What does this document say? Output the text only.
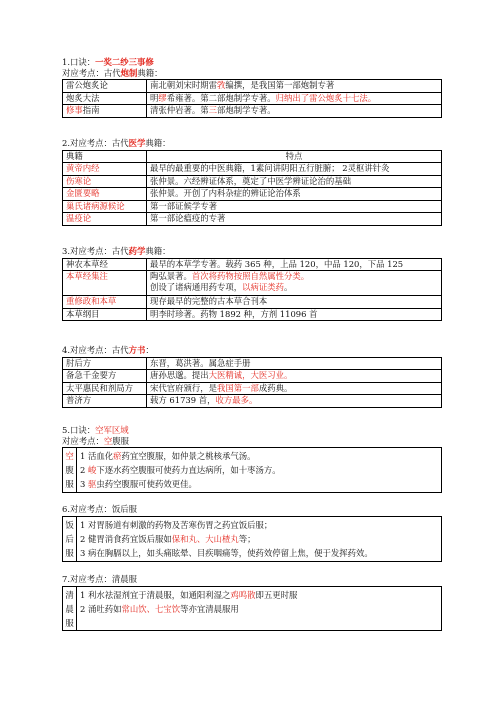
1.口诀：一奖二纱三事修

对应考点：古代炮制典籍：

雷公炮炙论	南北朝刘宋时期雷敩编撰，是我国第一部炮制专著
炮炙大法	明缪希雍著。第二部炮制学专著。归纳出了雷公炮炙十七法。
修事指南	清张仲岩著。第三部炮制学专著。

2.对应考点：古代医学典籍：

典籍	特点
黄帝内经	最早的最重要的中医典籍，1素问讲阴阳五行脏腑； 2灵枢讲针灸
伤寒论	张仲景。六经辨证体系，奠定了中医学辨证论治的基础
金匮要略	张仲景。开创了内科杂症的辨证论治体系
巢氏诸病源候论	第一部证候学专著
温疫论	第一部论瘟疫的专著

3.对应考点：古代药学典籍：

神农本草经	最早的本草学专著。载药 365 种，上品 120，中品 120，下品 125
本草经集注	陶弘景著。首次将药物按照自然属性分类。
创设了诸病通用药专项，以病证类药。

重修政和本草	现存最早的完整的古本草合刊本
本草纲目	明李时珍著。药物 1892 种，方剂 11096 首

4.对应考点：古代方书：

肘后方	东晋，葛洪著。属急症手册
备急千金要方	唐孙思邈。提出大医精诚，大医习业。
太平惠民和剂局方	宋代官府颁行，是我国第一部成药典。
普济方	载方 61739 首，收方最多。

5.口诀：空军区域

对应考点：空腹服

空
腹
服
1 活血化瘀药宜空腹服，如仲景之桃核承气汤。
2 峻下逐水药空腹服可使药力直达病所，如十枣汤方。
3 驱虫药空腹服可使药效更佳。

6.对应考点：饭后服

饭
后
服
1 对胃肠道有刺激的药物及苦寒伤胃之药宜饭后服；
2 健胃消食药宜饭后服如保和丸、大山楂丸等；
3 病在胸膈以上，如头痛眩晕、目疾咽痛等，使药效停留上焦，便于发挥药效。

7.对应考点：清晨服

清
晨
服
1 利水祛湿剂宜于清晨服，如通阳利湿之鸡鸣散即五更时服
2 涌吐药如常山饮、七宝饮等亦宜清晨服用
